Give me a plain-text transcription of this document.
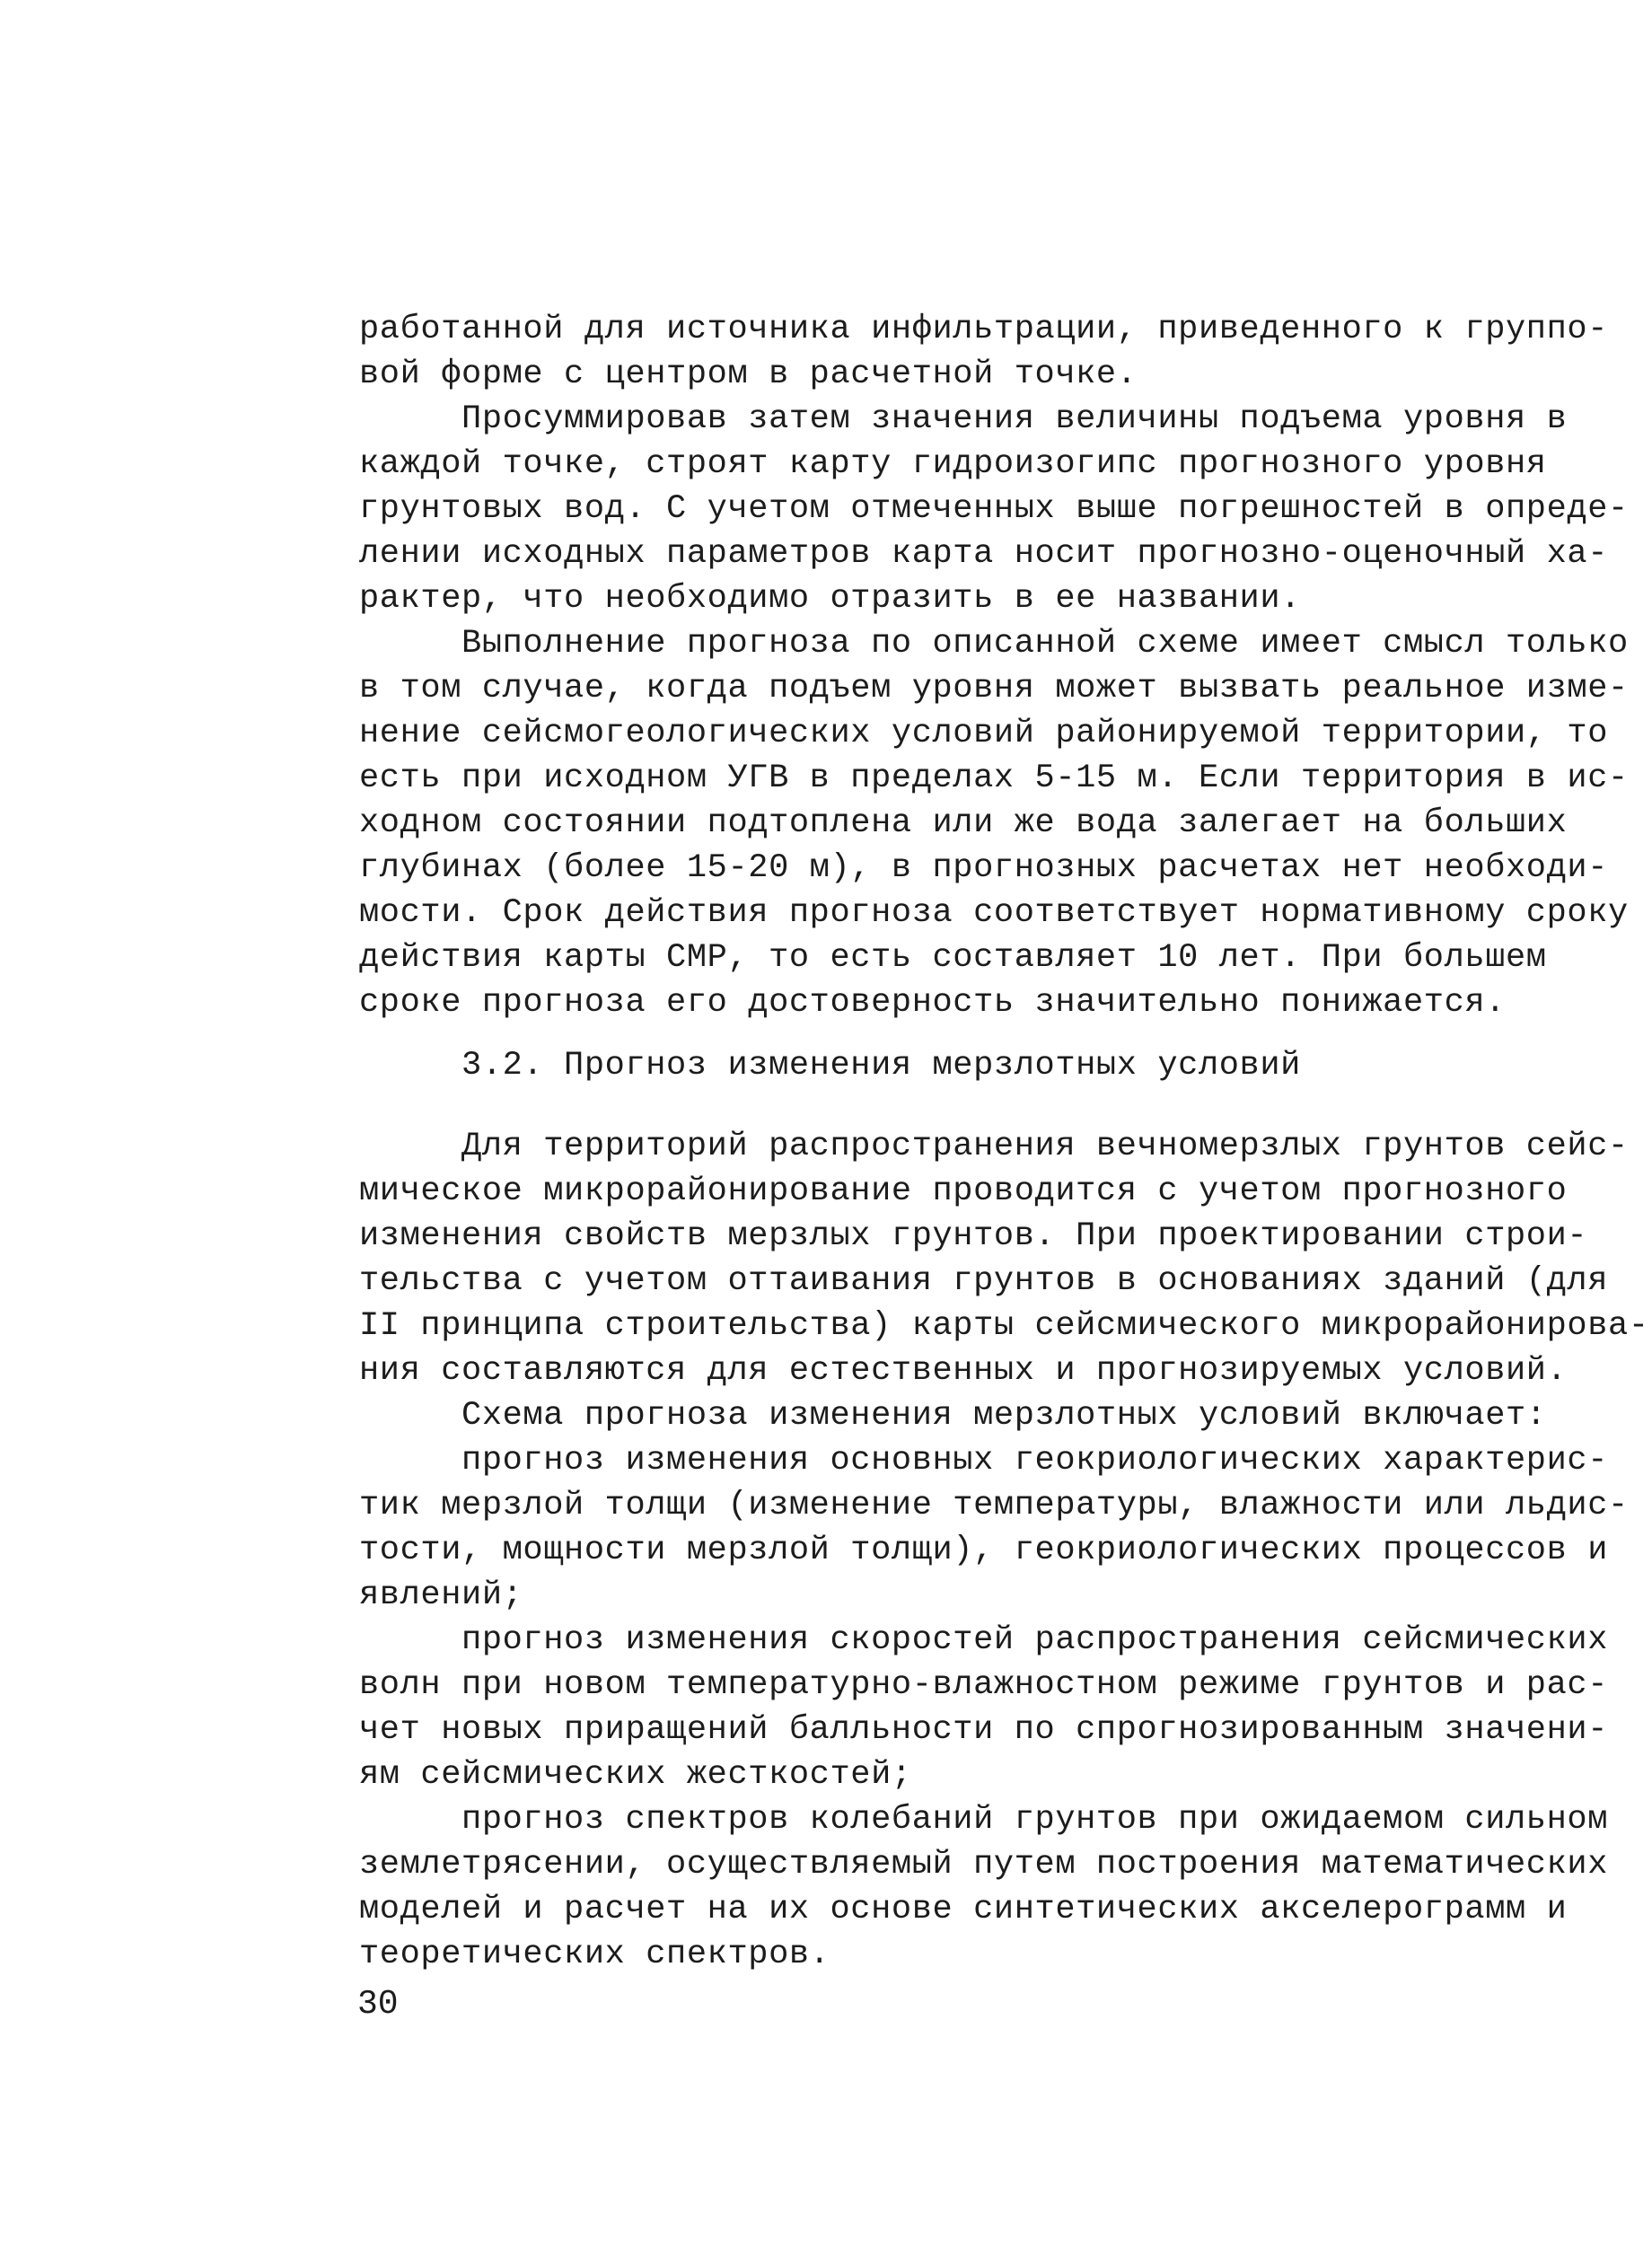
работанной для источника инфильтрации, приведенного к группо-
вой форме с центром в расчетной точке.
Просуммировав затем значения величины подъема уровня в
каждой точке, строят карту гидроизогипс прогнозного уровня
грунтовых вод. С учетом отмеченных выше погрешностей в опреде-
лении исходных параметров карта носит прогнозно-оценочный ха-
рактер, что необходимо отразить в ее названии.
Выполнение прогноза по описанной схеме имеет смысл только
в том случае, когда подъем уровня может вызвать реальное изме-
нение сейсмогеологических условий районируемой территории, то
есть при исходном УГВ в пределах 5-15 м. Если территория в ис-
ходном состоянии подтоплена или же вода залегает на больших
глубинах (более 15-20 м), в прогнозных расчетах нет необходи-
мости. Срок действия прогноза соответствует нормативному сроку
действия карты СМР, то есть составляет 10 лет. При большем
сроке прогноза его достоверность значительно понижается.
3.2. Прогноз изменения мерзлотных условий
Для территорий распространения вечномерзлых грунтов сейс-
мическое микрорайонирование проводится с учетом прогнозного
изменения свойств мерзлых грунтов. При проектировании строи-
тельства с учетом оттаивания грунтов в основаниях зданий (для
II принципа строительства) карты сейсмического микрорайонирова-
ния составляются для естественных и прогнозируемых условий.
Схема прогноза изменения мерзлотных условий включает:
прогноз изменения основных геокриологических характерис-
тик мерзлой толщи (изменение температуры, влажности или льдис-
тости, мощности мерзлой толщи), геокриологических процессов и
явлений;
прогноз изменения скоростей распространения сейсмических
волн при новом температурно-влажностном режиме грунтов и рас-
чет новых приращений балльности по спрогнозированным значени-
ям сейсмических жесткостей;
прогноз спектров колебаний грунтов при ожидаемом сильном
землетрясении, осуществляемый путем построения математических
моделей и расчет на их основе синтетических акселерограмм и
теоретических спектров.
30
